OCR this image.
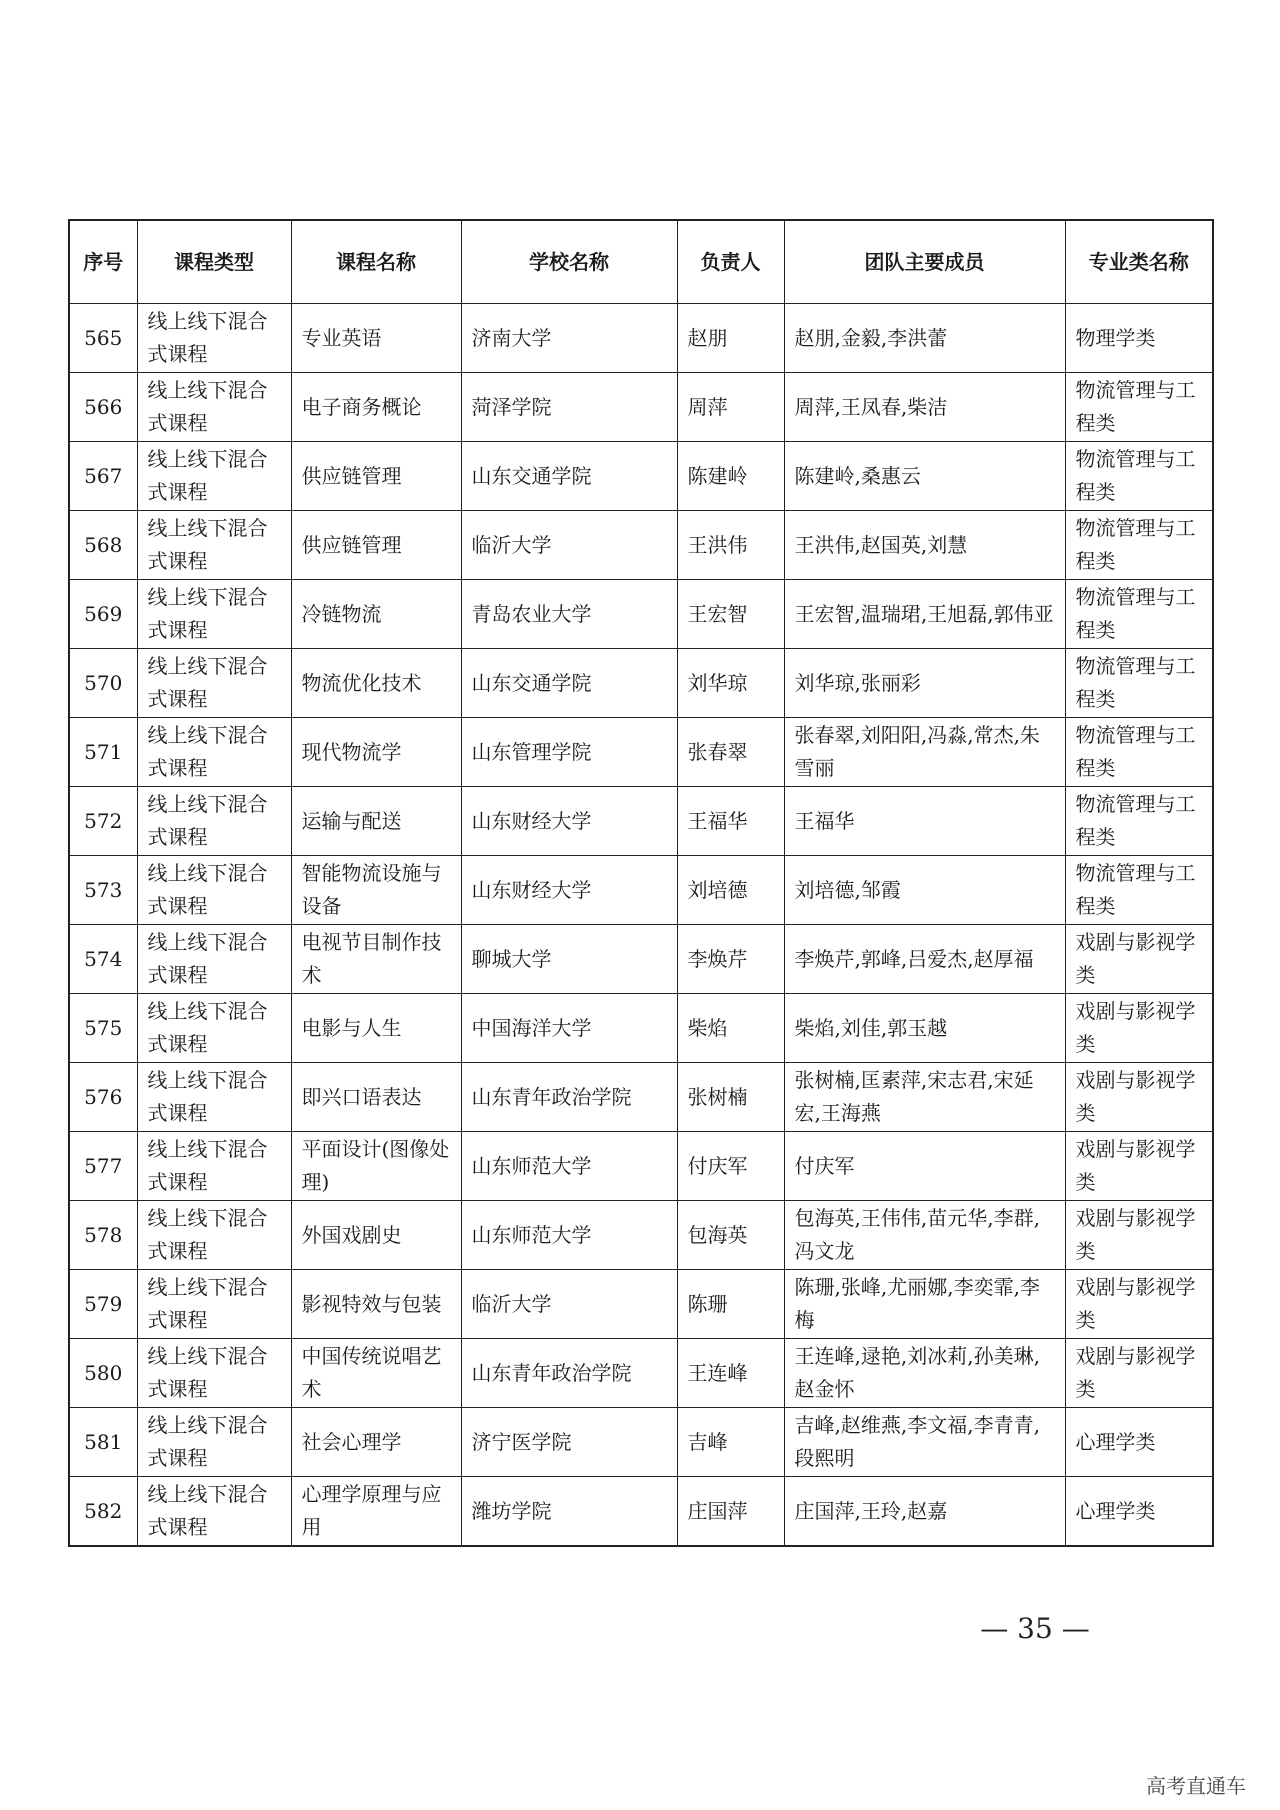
序号	课程类型	课程名称	学校名称	负责人	团队主要成员	专业类名称
565	线上线下混合式课程	专业英语	济南大学	赵朋	赵朋,金毅,李洪蕾	物理学类
566	线上线下混合式课程	电子商务概论	菏泽学院	周萍	周萍,王凤春,柴洁	物流管理与工程类
567	线上线下混合式课程	供应链管理	山东交通学院	陈建岭	陈建岭,桑惠云	物流管理与工程类
568	线上线下混合式课程	供应链管理	临沂大学	王洪伟	王洪伟,赵国英,刘慧	物流管理与工程类
569	线上线下混合式课程	冷链物流	青岛农业大学	王宏智	王宏智,温瑞珺,王旭磊,郭伟亚	物流管理与工程类
570	线上线下混合式课程	物流优化技术	山东交通学院	刘华琼	刘华琼,张丽彩	物流管理与工程类
571	线上线下混合式课程	现代物流学	山东管理学院	张春翠	张春翠,刘阳阳,冯淼,常杰,朱雪丽	物流管理与工程类
572	线上线下混合式课程	运输与配送	山东财经大学	王福华	王福华	物流管理与工程类
573	线上线下混合式课程	智能物流设施与设备	山东财经大学	刘培德	刘培德,邹霞	物流管理与工程类
574	线上线下混合式课程	电视节目制作技术	聊城大学	李焕芹	李焕芹,郭峰,吕爱杰,赵厚福	戏剧与影视学类
575	线上线下混合式课程	电影与人生	中国海洋大学	柴焰	柴焰,刘佳,郭玉越	戏剧与影视学类
576	线上线下混合式课程	即兴口语表达	山东青年政治学院	张树楠	张树楠,匡素萍,宋志君,宋延宏,王海燕	戏剧与影视学类
577	线上线下混合式课程	平面设计(图像处理)	山东师范大学	付庆军	付庆军	戏剧与影视学类
578	线上线下混合式课程	外国戏剧史	山东师范大学	包海英	包海英,王伟伟,苗元华,李群,冯文龙	戏剧与影视学类
579	线上线下混合式课程	影视特效与包装	临沂大学	陈珊	陈珊,张峰,尤丽娜,李奕霏,李梅	戏剧与影视学类
580	线上线下混合式课程	中国传统说唱艺术	山东青年政治学院	王连峰	王连峰,逯艳,刘冰莉,孙美琳,赵金怀	戏剧与影视学类
581	线上线下混合式课程	社会心理学	济宁医学院	吉峰	吉峰,赵维燕,李文福,李青青,段熙明	心理学类
582	线上线下混合式课程	心理学原理与应用	潍坊学院	庄国萍	庄国萍,王玲,赵嘉	心理学类
— 35 —
高考直通车
